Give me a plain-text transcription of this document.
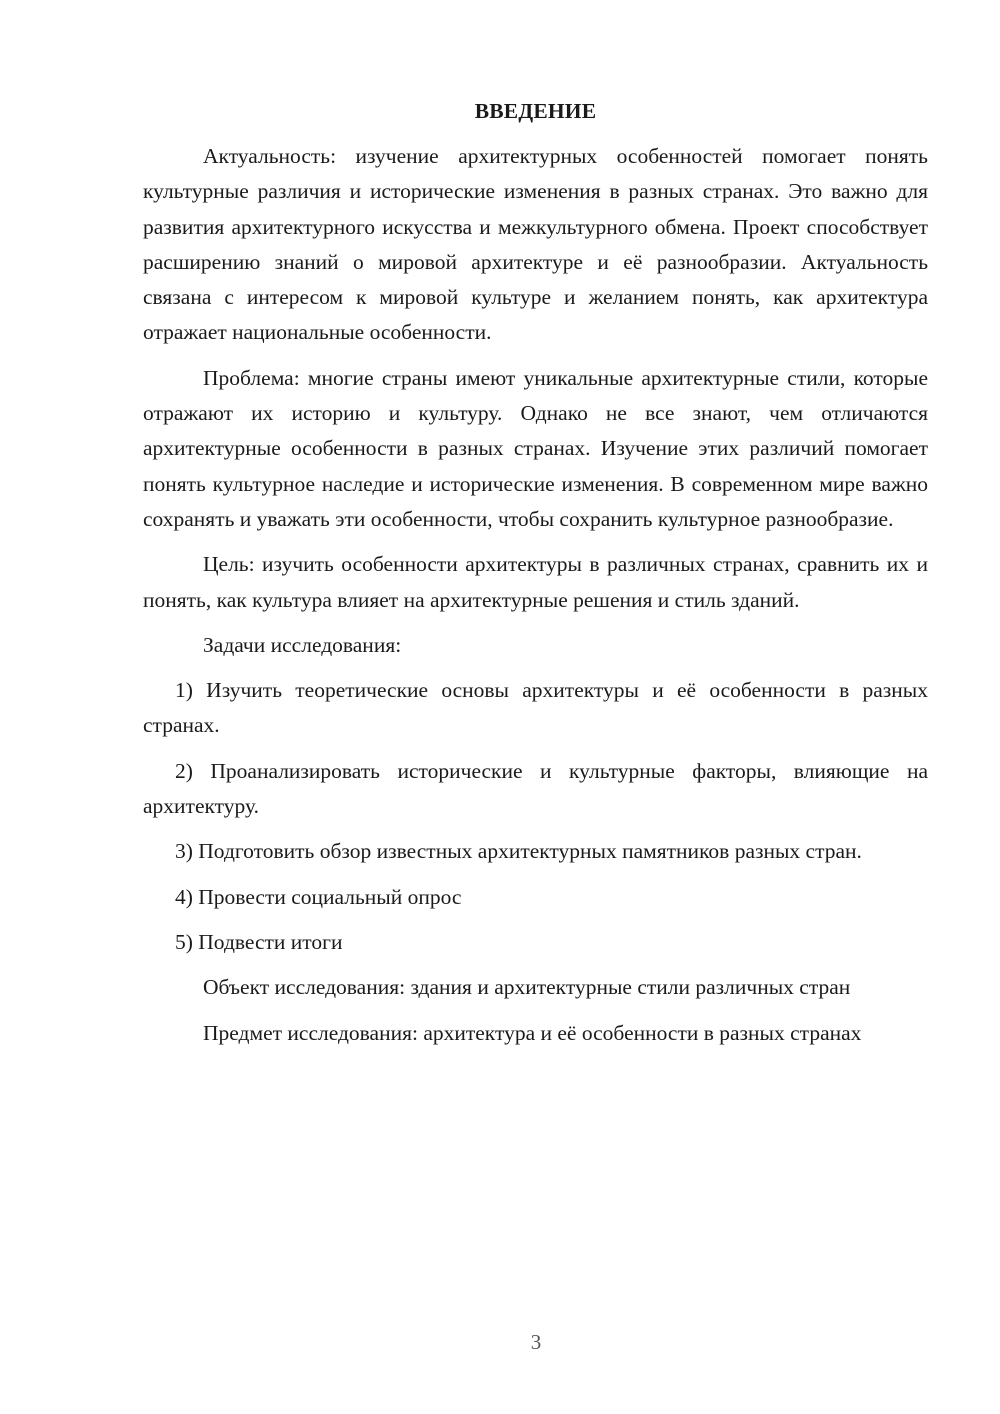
ВВЕДЕНИЕ

Актуальность: изучение архитектурных особенностей помогает понять культурные различия и исторические изменения в разных странах. Это важно для развития архитектурного искусства и межкультурного обмена. Проект способствует расширению знаний о мировой архитектуре и её разнообразии. Актуальность связана с интересом к мировой культуре и желанием понять, как архитектура отражает национальные особенности.

Проблема: многие страны имеют уникальные архитектурные стили, которые отражают их историю и культуру. Однако не все знают, чем отличаются архитектурные особенности в разных странах. Изучение этих различий помогает понять культурное наследие и исторические изменения. В современном мире важно сохранять и уважать эти особенности, чтобы сохранить культурное разнообразие.

Цель: изучить особенности архитектуры в различных странах, сравнить их и понять, как культура влияет на архитектурные решения и стиль зданий.

Задачи исследования:

1) Изучить теоретические основы архитектуры и её особенности в разных странах.

2) Проанализировать исторические и культурные факторы, влияющие на архитектуру.

3) Подготовить обзор известных архитектурных памятников разных стран.

4) Провести социальный опрос

5) Подвести итоги

Объект исследования: здания и архитектурные стили различных стран

Предмет исследования: архитектура и её особенности в разных странах

3
